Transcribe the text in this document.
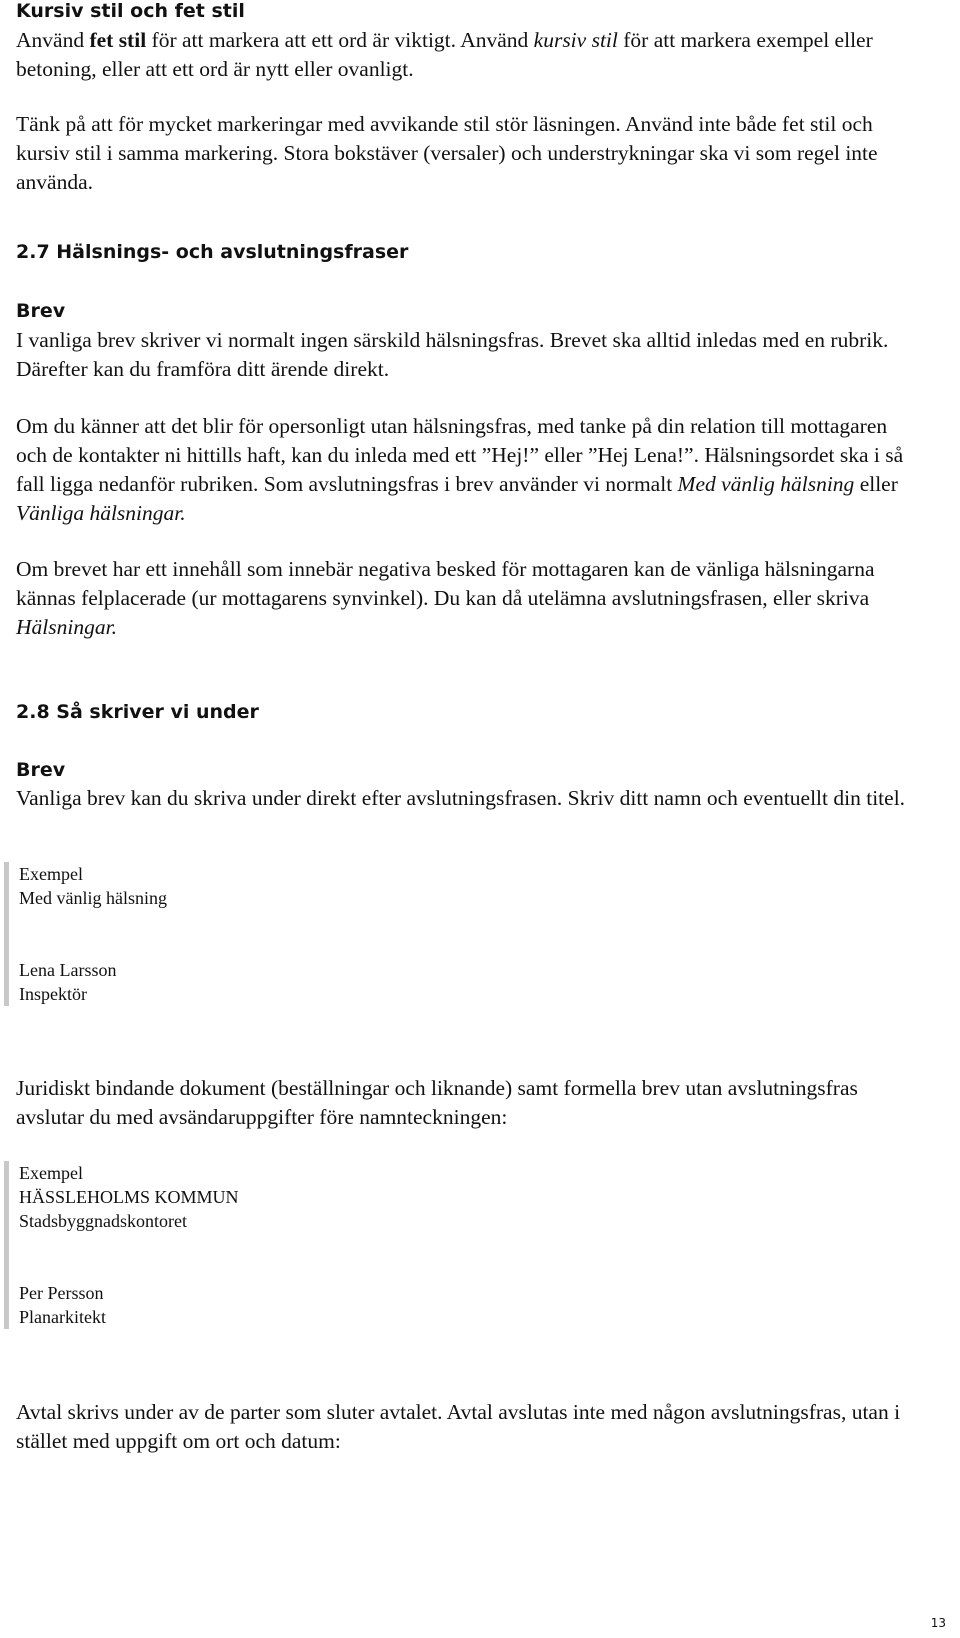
Kursiv stil och fet stil

Använd fet stil för att markera att ett ord är viktigt. Använd kursiv stil för att markera exempel eller betoning, eller att ett ord är nytt eller ovanligt.

Tänk på att för mycket markeringar med avvikande stil stör läsningen. Använd inte både fet stil och kursiv stil i samma markering. Stora bokstäver (versaler) och understrykningar ska vi som regel inte använda.

2.7 Hälsnings- och avslutningsfraser
Brev

I vanliga brev skriver vi normalt ingen särskild hälsningsfras. Brevet ska alltid inledas med en rubrik. Därefter kan du framföra ditt ärende direkt.

Om du känner att det blir för opersonligt utan hälsningsfras, med tanke på din relation till mottagaren och de kontakter ni hittills haft, kan du inleda med ett ”Hej!” eller ”Hej Lena!”. Hälsningsordet ska i så fall ligga nedanför rubriken. Som avslutningsfras i brev använder vi normalt Med vänlig hälsning eller Vänliga hälsningar.

Om brevet har ett innehåll som innebär negativa besked för mottagaren kan de vänliga hälsningarna kännas felplacerade (ur mottagarens synvinkel). Du kan då utelämna avslutningsfrasen, eller skriva Hälsningar.

2.8 Så skriver vi under
Brev

Vanliga brev kan du skriva under direkt efter avslutningsfrasen. Skriv ditt namn och eventuellt din titel.

Exempel
Med vänlig hälsning
Lena Larsson
Inspektör

Juridiskt bindande dokument (beställningar och liknande) samt formella brev utan avslutningsfras avslutar du med avsändaruppgifter före namnteckningen:

Exempel
HÄSSLEHOLMS KOMMUN
Stadsbyggnadskontoret
Per Persson
Planarkitekt

Avtal skrivs under av de parter som sluter avtalet. Avtal avslutas inte med någon avslutningsfras, utan i stället med uppgift om ort och datum:

13
